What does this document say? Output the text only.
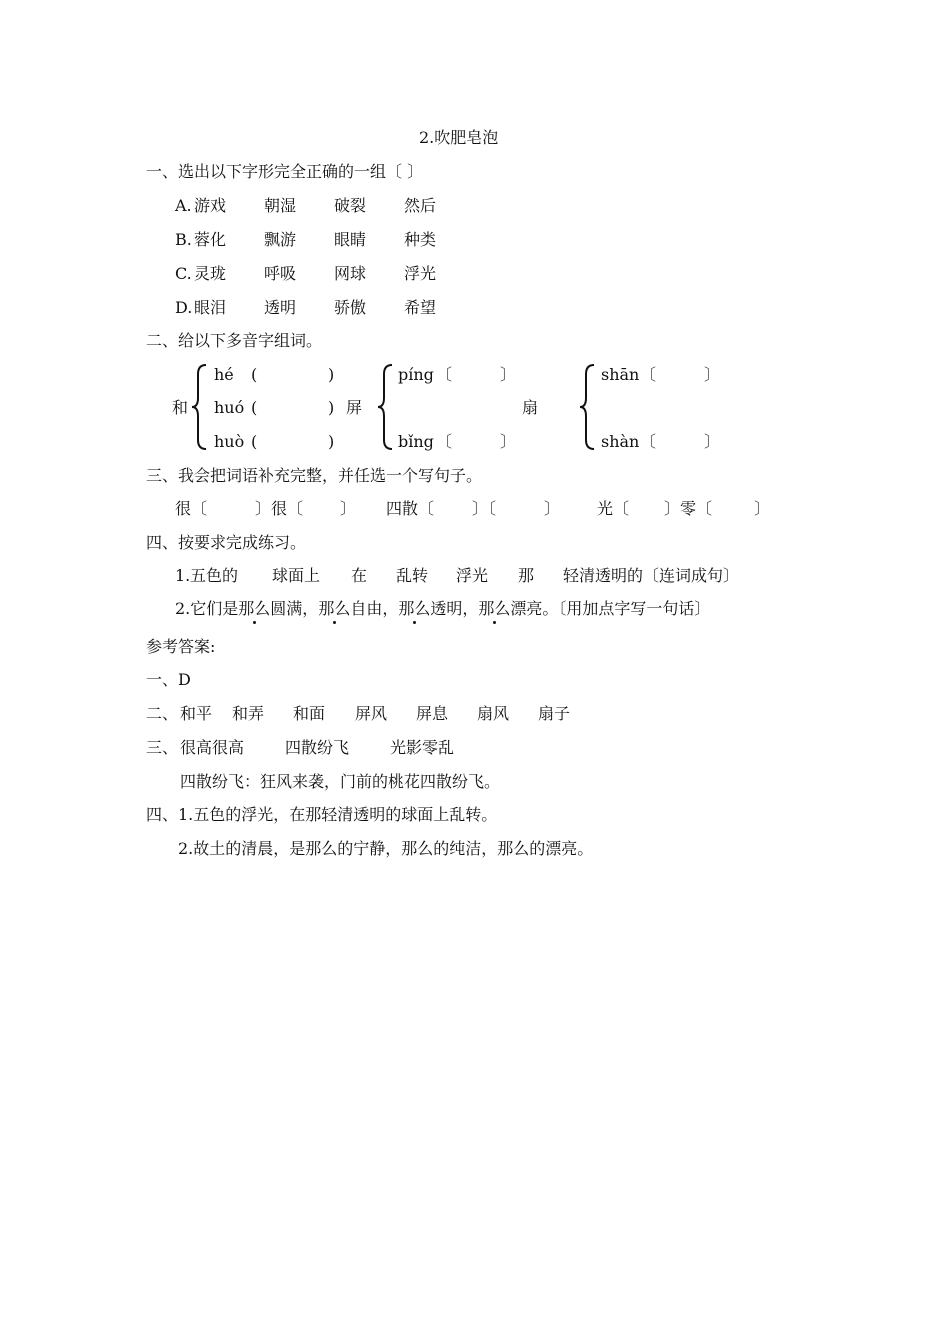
2.吹肥皂泡
一、选出以下字形完全正确的一组〔 〕
A. 游戏 朝湿 破裂 然后
B. 蓉化 飘游 眼睛 种类
C. 灵珑 呼吸 网球 浮光
D. 眼泪 透明 骄傲 希望
二、给以下多音字组词。
和
hé (	)
huó (	)
huò (	)
屏
píng 〔	〕
bǐng 〔	〕
扇
shān 〔	〕
shàn 〔	〕
三、我会把词语补充完整，并任选一个写句子。
很〔	〕很〔 〕 四散〔 〕〔	〕 光〔 〕零〔	〕
四、按要求完成练习。
1. 五色的 球面上 在 乱转 浮光 那 轻清透明的〔连词成句〕
2.它们是那么圆满，那么自由，那么透明，那么漂亮。〔用加点字写一句话〕
参考答案:
一、D
二、 和平 和弄 和面 屏风 屏息 扇风 扇子
三、 很高很高	四散纷飞	光影零乱
四散纷飞：狂风来袭，门前的桃花四散纷飞。
四、1.五色的浮光，在那轻清透明的球面上乱转。
2.故土的清晨，是那么的宁静，那么的纯洁，那么的漂亮。
